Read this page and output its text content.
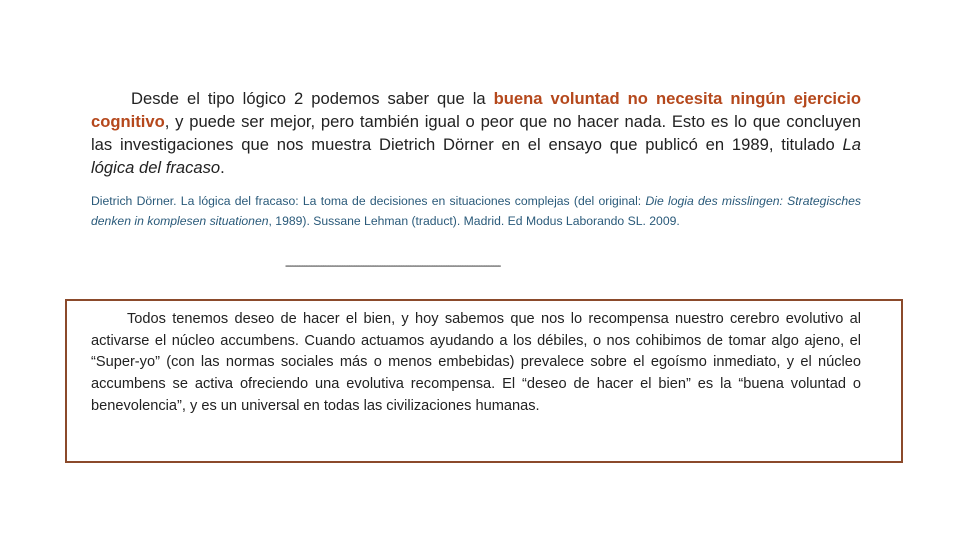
Desde el tipo lógico 2 podemos saber que la buena voluntad no necesita ningún ejercicio cognitivo, y puede ser mejor, pero también igual o peor que no hacer nada. Esto es lo que concluyen las investigaciones que nos muestra Dietrich Dörner en el ensayo que publicó en 1989, titulado La lógica del fracaso.

Dietrich Dörner. La lógica del fracaso: La toma de decisiones en situaciones complejas (del original: Die logia des misslingen: Strategisches denken in komplesen situationen, 1989). Sussane Lehman (traduct). Madrid. Ed Modus Laborando SL. 2009.

-------------------------------------------------------------------------------------------

Todos tenemos deseo de hacer el bien, y hoy sabemos que nos lo recompensa nuestro cerebro evolutivo al activarse el núcleo accumbens. Cuando actuamos ayudando a los débiles, o nos cohibimos de tomar algo ajeno, el “Super-yo” (con las normas sociales más o menos embebidas) prevalece sobre el egoísmo inmediato, y el núcleo accumbens se activa ofreciendo una evolutiva recompensa. El “deseo de hacer el bien” es la “buena voluntad o benevolencia”, y es un universal en todas las civilizaciones humanas.
